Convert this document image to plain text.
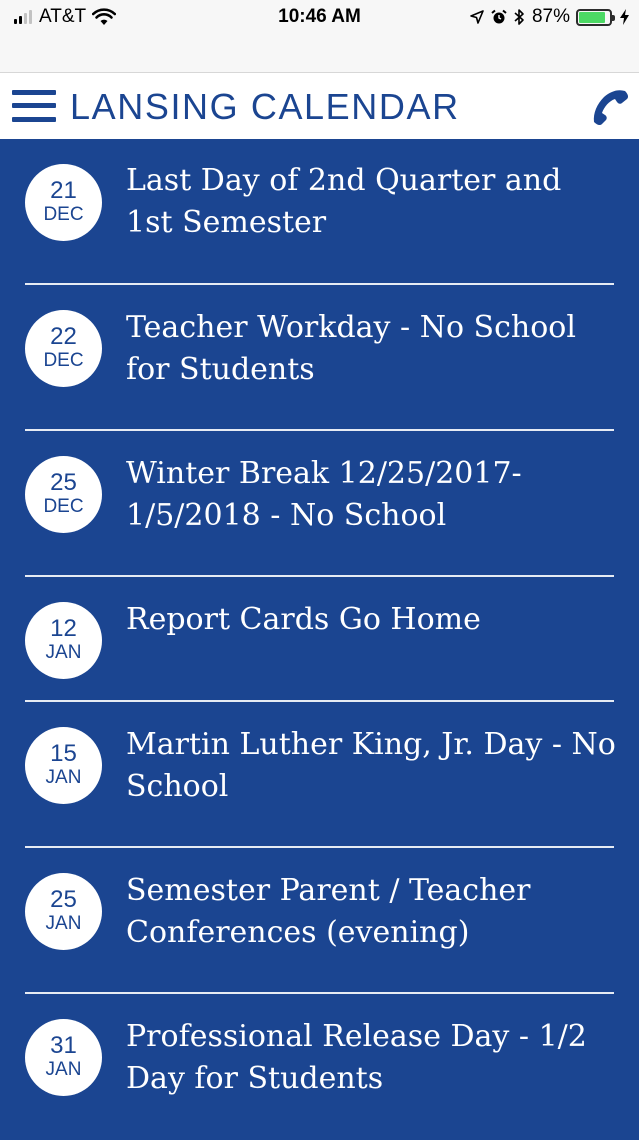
AT&T	10:46 AM	87%
LANSING CALENDAR
21
DEC
Last Day of 2nd Quarter and 1st Semester
22
DEC
Teacher Workday - No School for Students
25
DEC
Winter Break 12/25/2017-1/5/2018 - No School
12
JAN
Report Cards Go Home
15
JAN
Martin Luther King, Jr. Day - No School
25
JAN
Semester Parent / Teacher Conferences (evening)
31
JAN
Professional Release Day - 1/2 Day for Students
